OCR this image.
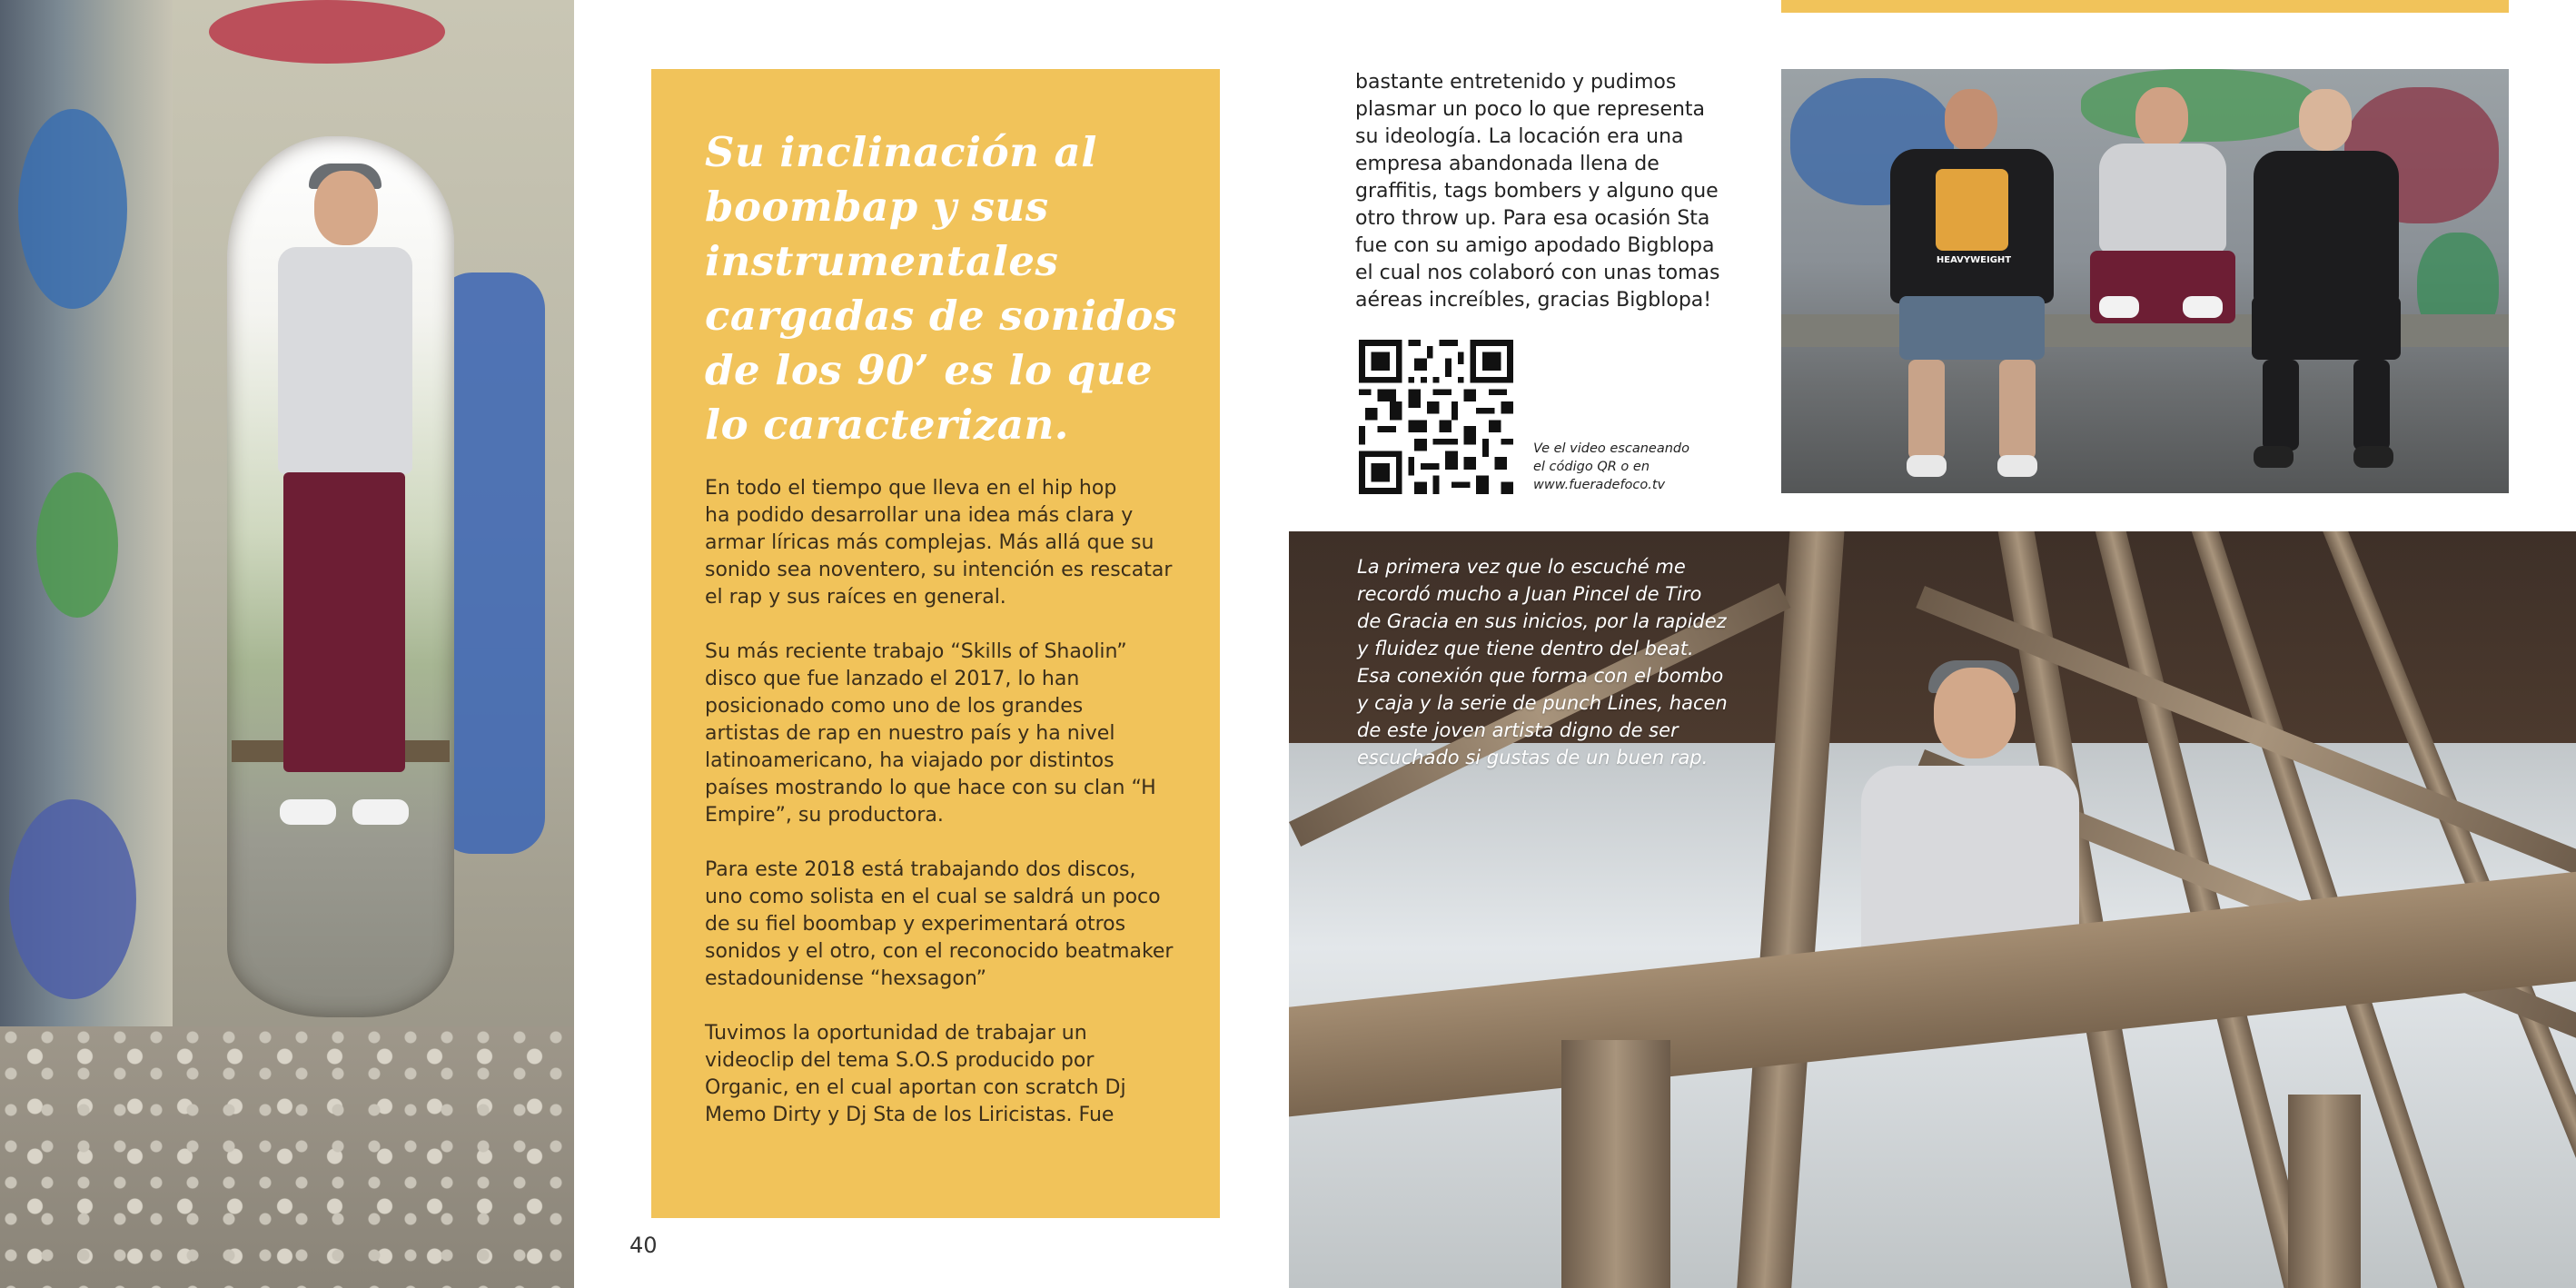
Su inclinación al
boombap y sus
instrumentales
cargadas de sonidos
de los 90’ es lo que
lo caracterizan.

En todo el tiempo que lleva en el hip hop
ha podido desarrollar una idea más clara y
armar líricas más complejas. Más allá que su
sonido sea noventero, su intención es rescatar
el rap y sus raíces en general.

Su más reciente trabajo “Skills of Shaolin”
disco que fue lanzado el 2017, lo han
posicionado como uno de los grandes
artistas de rap en nuestro país y ha nivel
latinoamericano, ha viajado por distintos
países mostrando lo que hace con su clan “H
Empire”, su productora.

Para este 2018 está trabajando dos discos,
uno como solista en el cual se saldrá un poco
de su fiel boombap y experimentará otros
sonidos y el otro, con el reconocido beatmaker
estadounidense “hexsagon”

Tuvimos la oportunidad de trabajar un
videoclip del tema S.O.S producido por
Organic, en el cual aportan con scratch Dj
Memo Dirty y Dj Sta de los Liricistas. Fue

bastante entretenido y pudimos
plasmar un poco lo que representa
su ideología. La locación era una
empresa abandonada llena de
graffitis, tags bombers y alguno que
otro throw up. Para esa ocasión Sta
fue con su amigo apodado Bigblopa
el cual nos colaboró con unas tomas
aéreas increíbles, gracias Bigblopa!
Ve el video escaneando
el código QR o en
www.fueradefoco.tv
HEAVYWEIGHT
La primera vez que lo escuché me
recordó mucho a Juan Pincel de Tiro
de Gracia en sus inicios, por la rapidez
y fluidez que tiene dentro del beat.
Esa conexión que forma con el bombo
y caja y la serie de punch Lines, hacen
de este joven artista digno de ser
escuchado si gustas de un buen rap.
40
